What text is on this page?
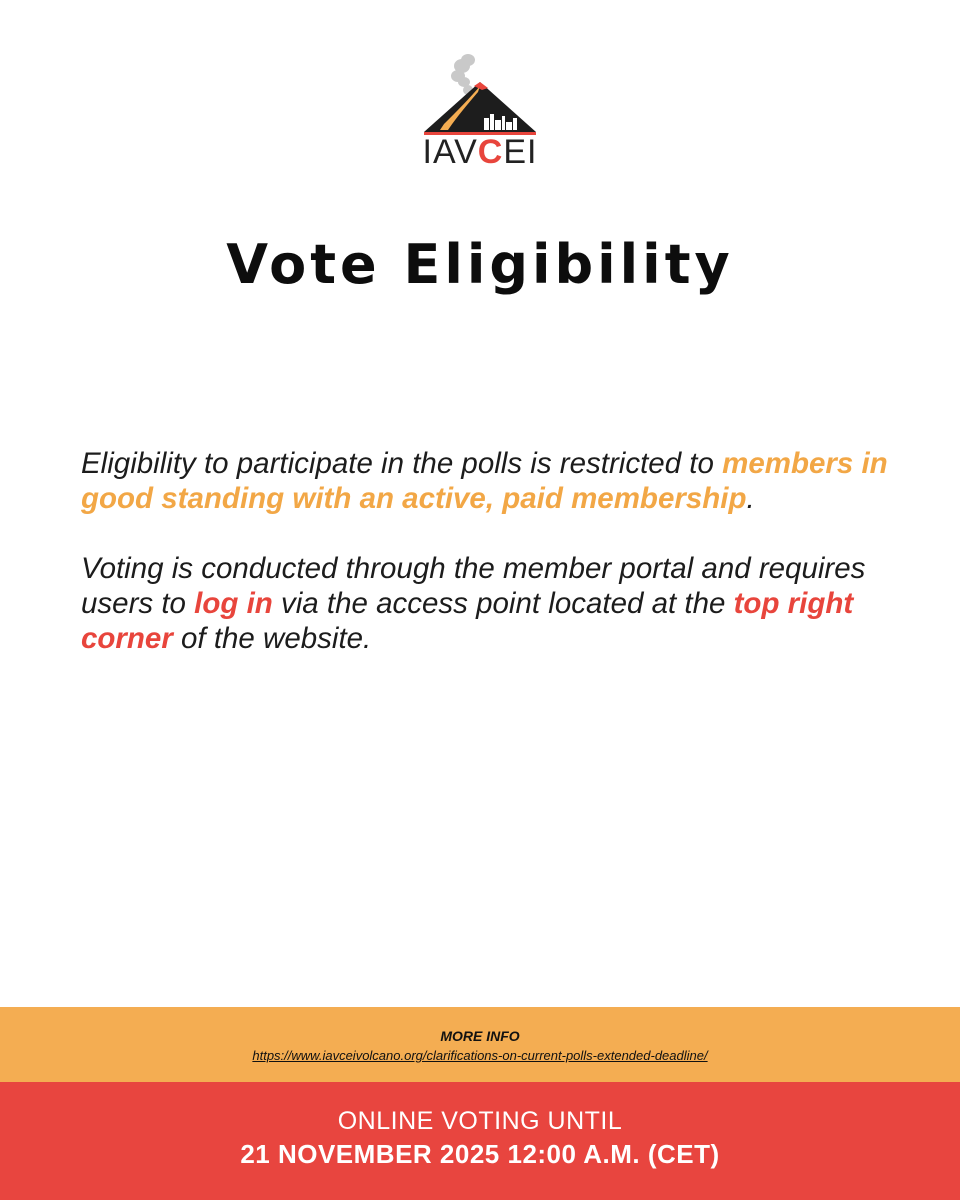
IAVCEI
Vote Eligibility

Eligibility to participate in the polls is restricted to members in good standing with an active, paid membership.

Voting is conducted through the member portal and requires users to log in via the access point located at the top right corner of the website.

MORE INFO
https://www.iavceivolcano.org/clarifications-on-current-polls-extended-deadline/
ONLINE VOTING UNTIL
21 NOVEMBER 2025 12:00 A.M. (CET)
